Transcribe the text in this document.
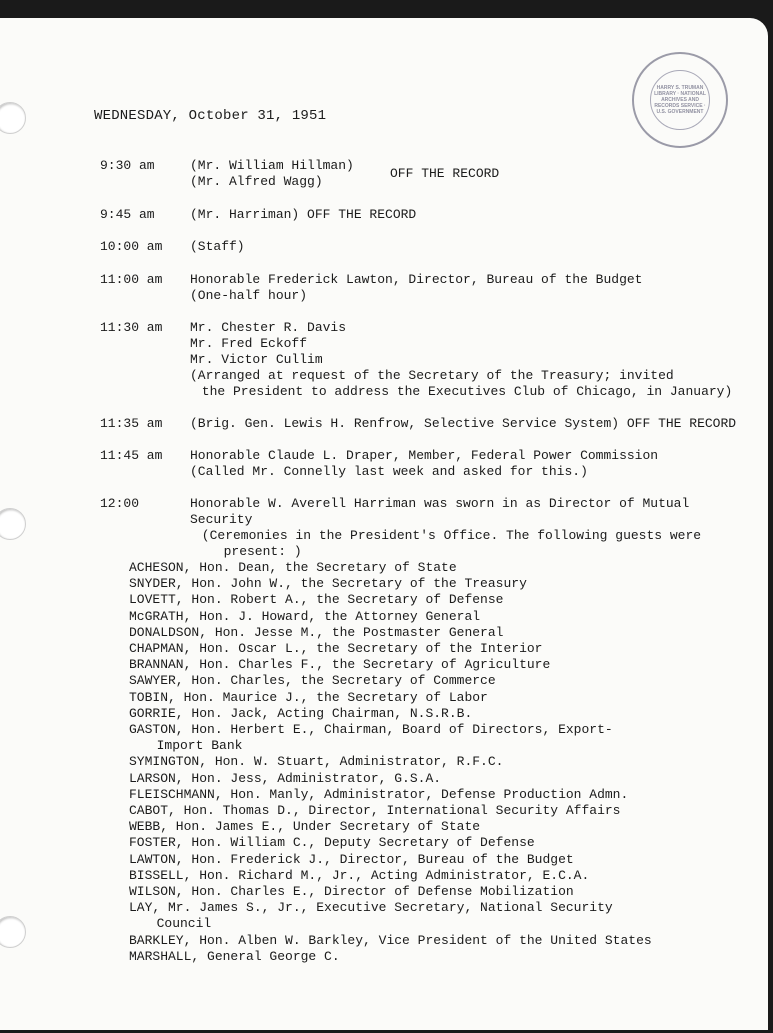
HARRY S. TRUMAN LIBRARY · NATIONAL ARCHIVES AND RECORDS SERVICE · U.S. GOVERNMENT
WEDNESDAY, October 31, 1951
9:30 am	(Mr. William Hillman)
(Mr. Alfred Wagg)
OFF THE RECORD
9:45 am	(Mr. Harriman) OFF THE RECORD
10:00 am (Staff)
11:00 am Honorable Frederick Lawton, Director, Bureau of the Budget
(One-half hour)
11:30 am Mr. Chester R. Davis
Mr. Fred Eckoff
Mr. Victor Cullim
(Arranged at request of the Secretary of the Treasury; invited
the President to address the Executives Club of Chicago, in January)
11:35 am (Brig. Gen. Lewis H. Renfrow, Selective Service System) OFF THE RECORD
11:45 am Honorable Claude L. Draper, Member, Federal Power Commission
(Called Mr. Connelly last week and asked for this.)
12:00	Honorable W. Averell Harriman was sworn in as Director of Mutual
Security
(Ceremonies in the President's Office. The following guests were
present: )
ACHESON, Hon. Dean, the Secretary of State
SNYDER, Hon. John W., the Secretary of the Treasury
LOVETT, Hon. Robert A., the Secretary of Defense
McGRATH, Hon. J. Howard, the Attorney General
DONALDSON, Hon. Jesse M., the Postmaster General
CHAPMAN, Hon. Oscar L., the Secretary of the Interior
BRANNAN, Hon. Charles F., the Secretary of Agriculture
SAWYER, Hon. Charles, the Secretary of Commerce
TOBIN, Hon. Maurice J., the Secretary of Labor
GORRIE, Hon. Jack, Acting Chairman, N.S.R.B.
GASTON, Hon. Herbert E., Chairman, Board of Directors, Export-
Import Bank
SYMINGTON, Hon. W. Stuart, Administrator, R.F.C.
LARSON, Hon. Jess, Administrator, G.S.A.
FLEISCHMANN, Hon. Manly, Administrator, Defense Production Admn.
CABOT, Hon. Thomas D., Director, International Security Affairs
WEBB, Hon. James E., Under Secretary of State
FOSTER, Hon. William C., Deputy Secretary of Defense
LAWTON, Hon. Frederick J., Director, Bureau of the Budget
BISSELL, Hon. Richard M., Jr., Acting Administrator, E.C.A.
WILSON, Hon. Charles E., Director of Defense Mobilization
LAY, Mr. James S., Jr., Executive Secretary, National Security
Council
BARKLEY, Hon. Alben W. Barkley, Vice President of the United States
MARSHALL, General George C.
